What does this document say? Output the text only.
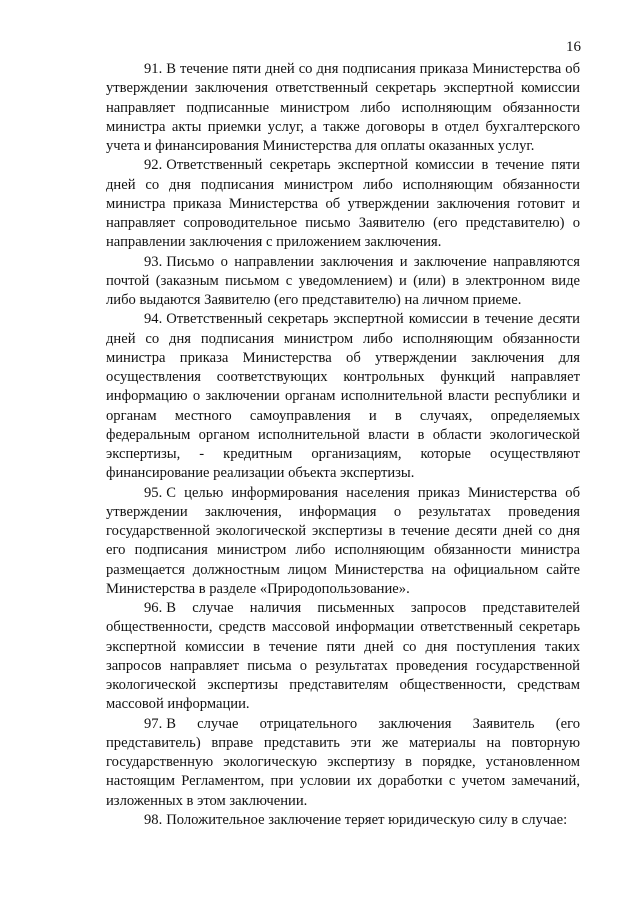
16

91. В течение пяти дней со дня подписания приказа Министерства об утверждении заключения ответственный секретарь экспертной комиссии направляет подписанные министром либо исполняющим обязанности министра акты приемки услуг, а также договоры в отдел бухгалтерского учета и финансирования Министерства для оплаты оказанных услуг.

92. Ответственный секретарь экспертной комиссии в течение пяти дней со дня подписания министром либо исполняющим обязанности министра приказа Министерства об утверждении заключения готовит и направляет сопроводительное письмо Заявителю (его представителю) о направлении заключения с приложением заключения.

93. Письмо о направлении заключения и заключение направляются почтой (заказным письмом с уведомлением) и (или) в электронном виде либо выдаются Заявителю (его представителю) на личном приеме.

94. Ответственный секретарь экспертной комиссии в течение десяти дней со дня подписания министром либо исполняющим обязанности министра приказа Министерства об утверждении заключения для осуществления соответствующих контрольных функций направляет информацию о заключении органам исполнительной власти республики и органам местного самоуправления и в случаях, определяемых федеральным органом исполнительной власти в области экологической экспертизы, - кредитным организациям, которые осуществляют финансирование реализации объекта экспертизы.

95. С целью информирования населения приказ Министерства об утверждении заключения, информация о результатах проведения государственной экологической экспертизы в течение десяти дней со дня его подписания министром либо исполняющим обязанности министра размещается должностным лицом Министерства на официальном сайте Министерства в разделе «Природопользование».

96. В случае наличия письменных запросов представителей общественности, средств массовой информации ответственный секретарь экспертной комиссии в течение пяти дней со дня поступления таких запросов направляет письма о результатах проведения государственной экологической экспертизы представителям общественности, средствам массовой информации.

97. В случае отрицательного заключения Заявитель (его представитель) вправе представить эти же материалы на повторную государственную экологическую экспертизу в порядке, установленном настоящим Регламентом, при условии их доработки с учетом замечаний, изложенных в этом заключении.

98. Положительное заключение теряет юридическую силу в случае:
